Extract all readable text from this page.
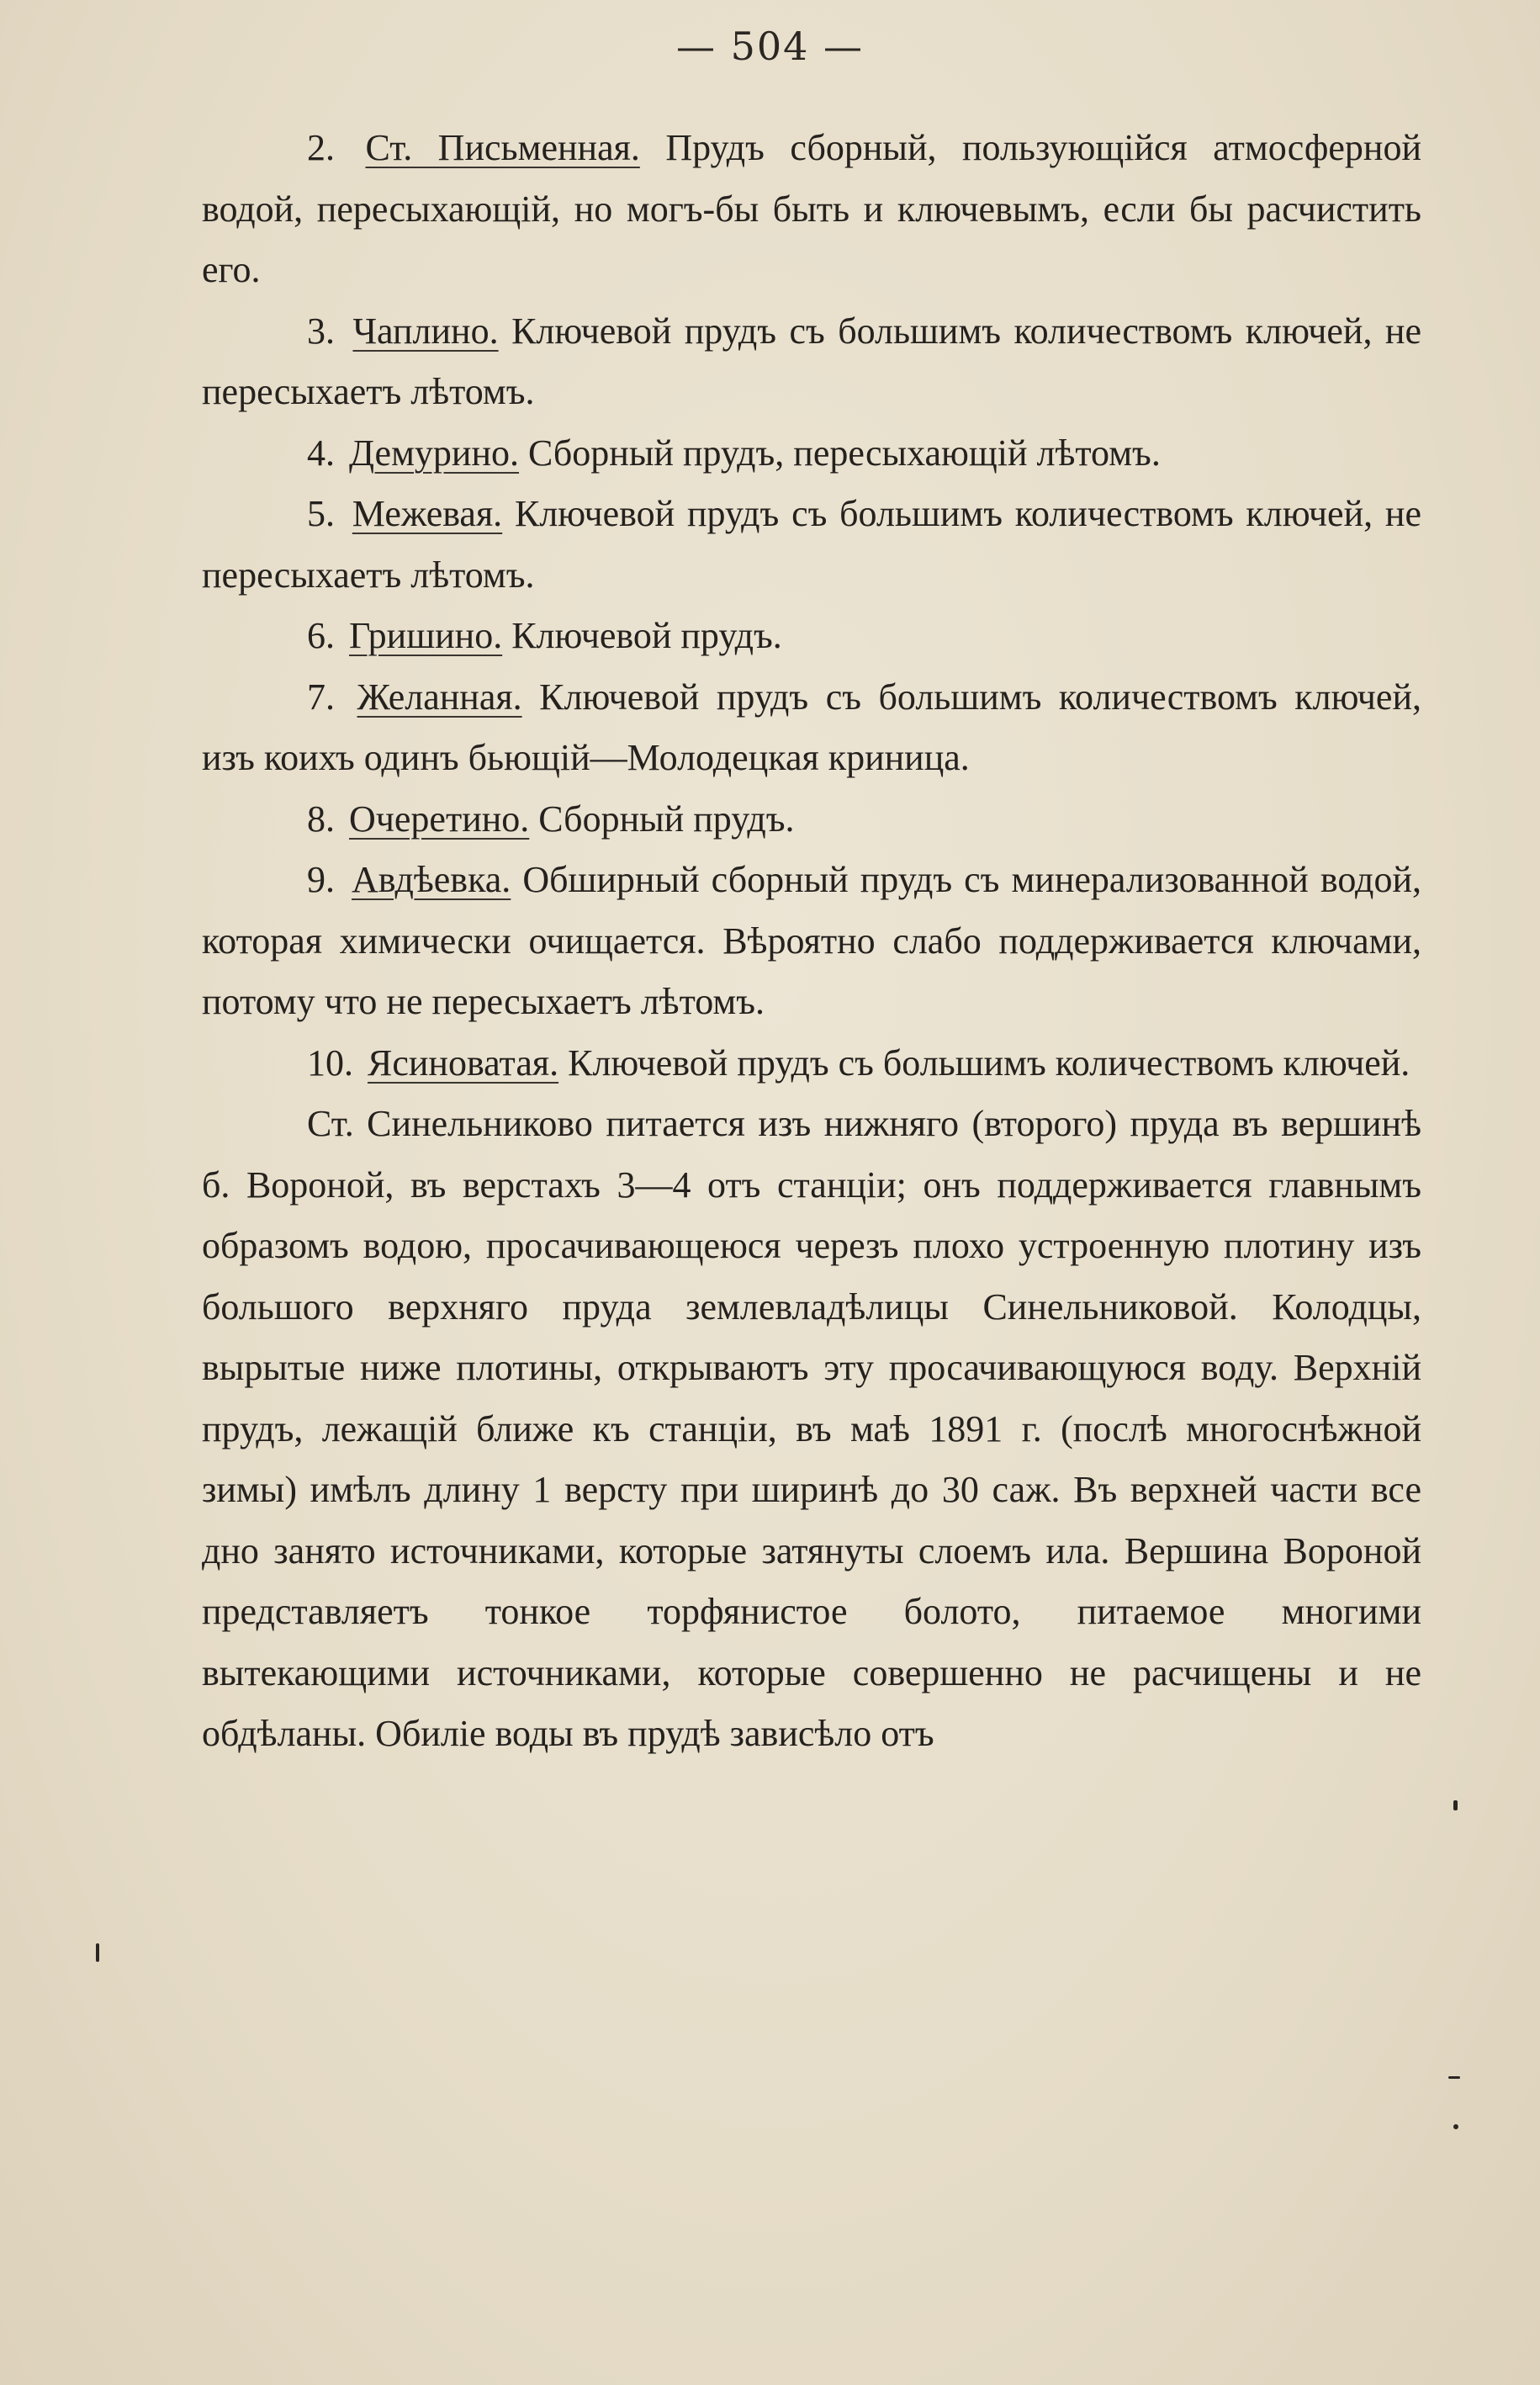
— 504 —

2. Ст. Письменная. Прудъ сборный, пользующійся атмосферной водой, пересыхающій, но могъ-бы быть и ключевымъ, если бы расчистить его.

3. Чаплино. Ключевой прудъ съ большимъ количествомъ ключей, не пересыхаетъ лѣтомъ.

4. Демурино. Сборный прудъ, пересыхающій лѣтомъ.

5. Межевая. Ключевой прудъ съ большимъ количествомъ ключей, не пересыхаетъ лѣтомъ.

6. Гришино. Ключевой прудъ.

7. Желанная. Ключевой прудъ съ большимъ количествомъ ключей, изъ коихъ одинъ бьющій—Молодецкая криница.

8. Очеретино. Сборный прудъ.

9. Авдѣевка. Обширный сборный прудъ съ минерализованной водой, которая химически очищается. Вѣроятно слабо поддерживается ключами, потому что не пересыхаетъ лѣтомъ.

10. Ясиноватая. Ключевой прудъ съ большимъ количествомъ ключей.

Ст. Синельниково питается изъ нижняго (второго) пруда въ вершинѣ б. Вороной, въ верстахъ 3—4 отъ станціи; онъ поддерживается главнымъ образомъ водою, просачивающеюся черезъ плохо устроенную плотину изъ большого верхняго пруда землевладѣлицы Синельниковой. Колодцы, вырытые ниже плотины, открываютъ эту просачивающуюся воду. Верхній прудъ, лежащій ближе къ станціи, въ маѣ 1891 г. (послѣ многоснѣжной зимы) имѣлъ длину 1 версту при ширинѣ до 30 саж. Въ верхней части все дно занято источниками, которые затянуты слоемъ ила. Вершина Вороной представляетъ тонкое торфянистое болото, питаемое многими вытекающими источниками, которые совершенно не расчищены и не обдѣланы. Обиліе воды въ прудѣ зависѣло отъ
